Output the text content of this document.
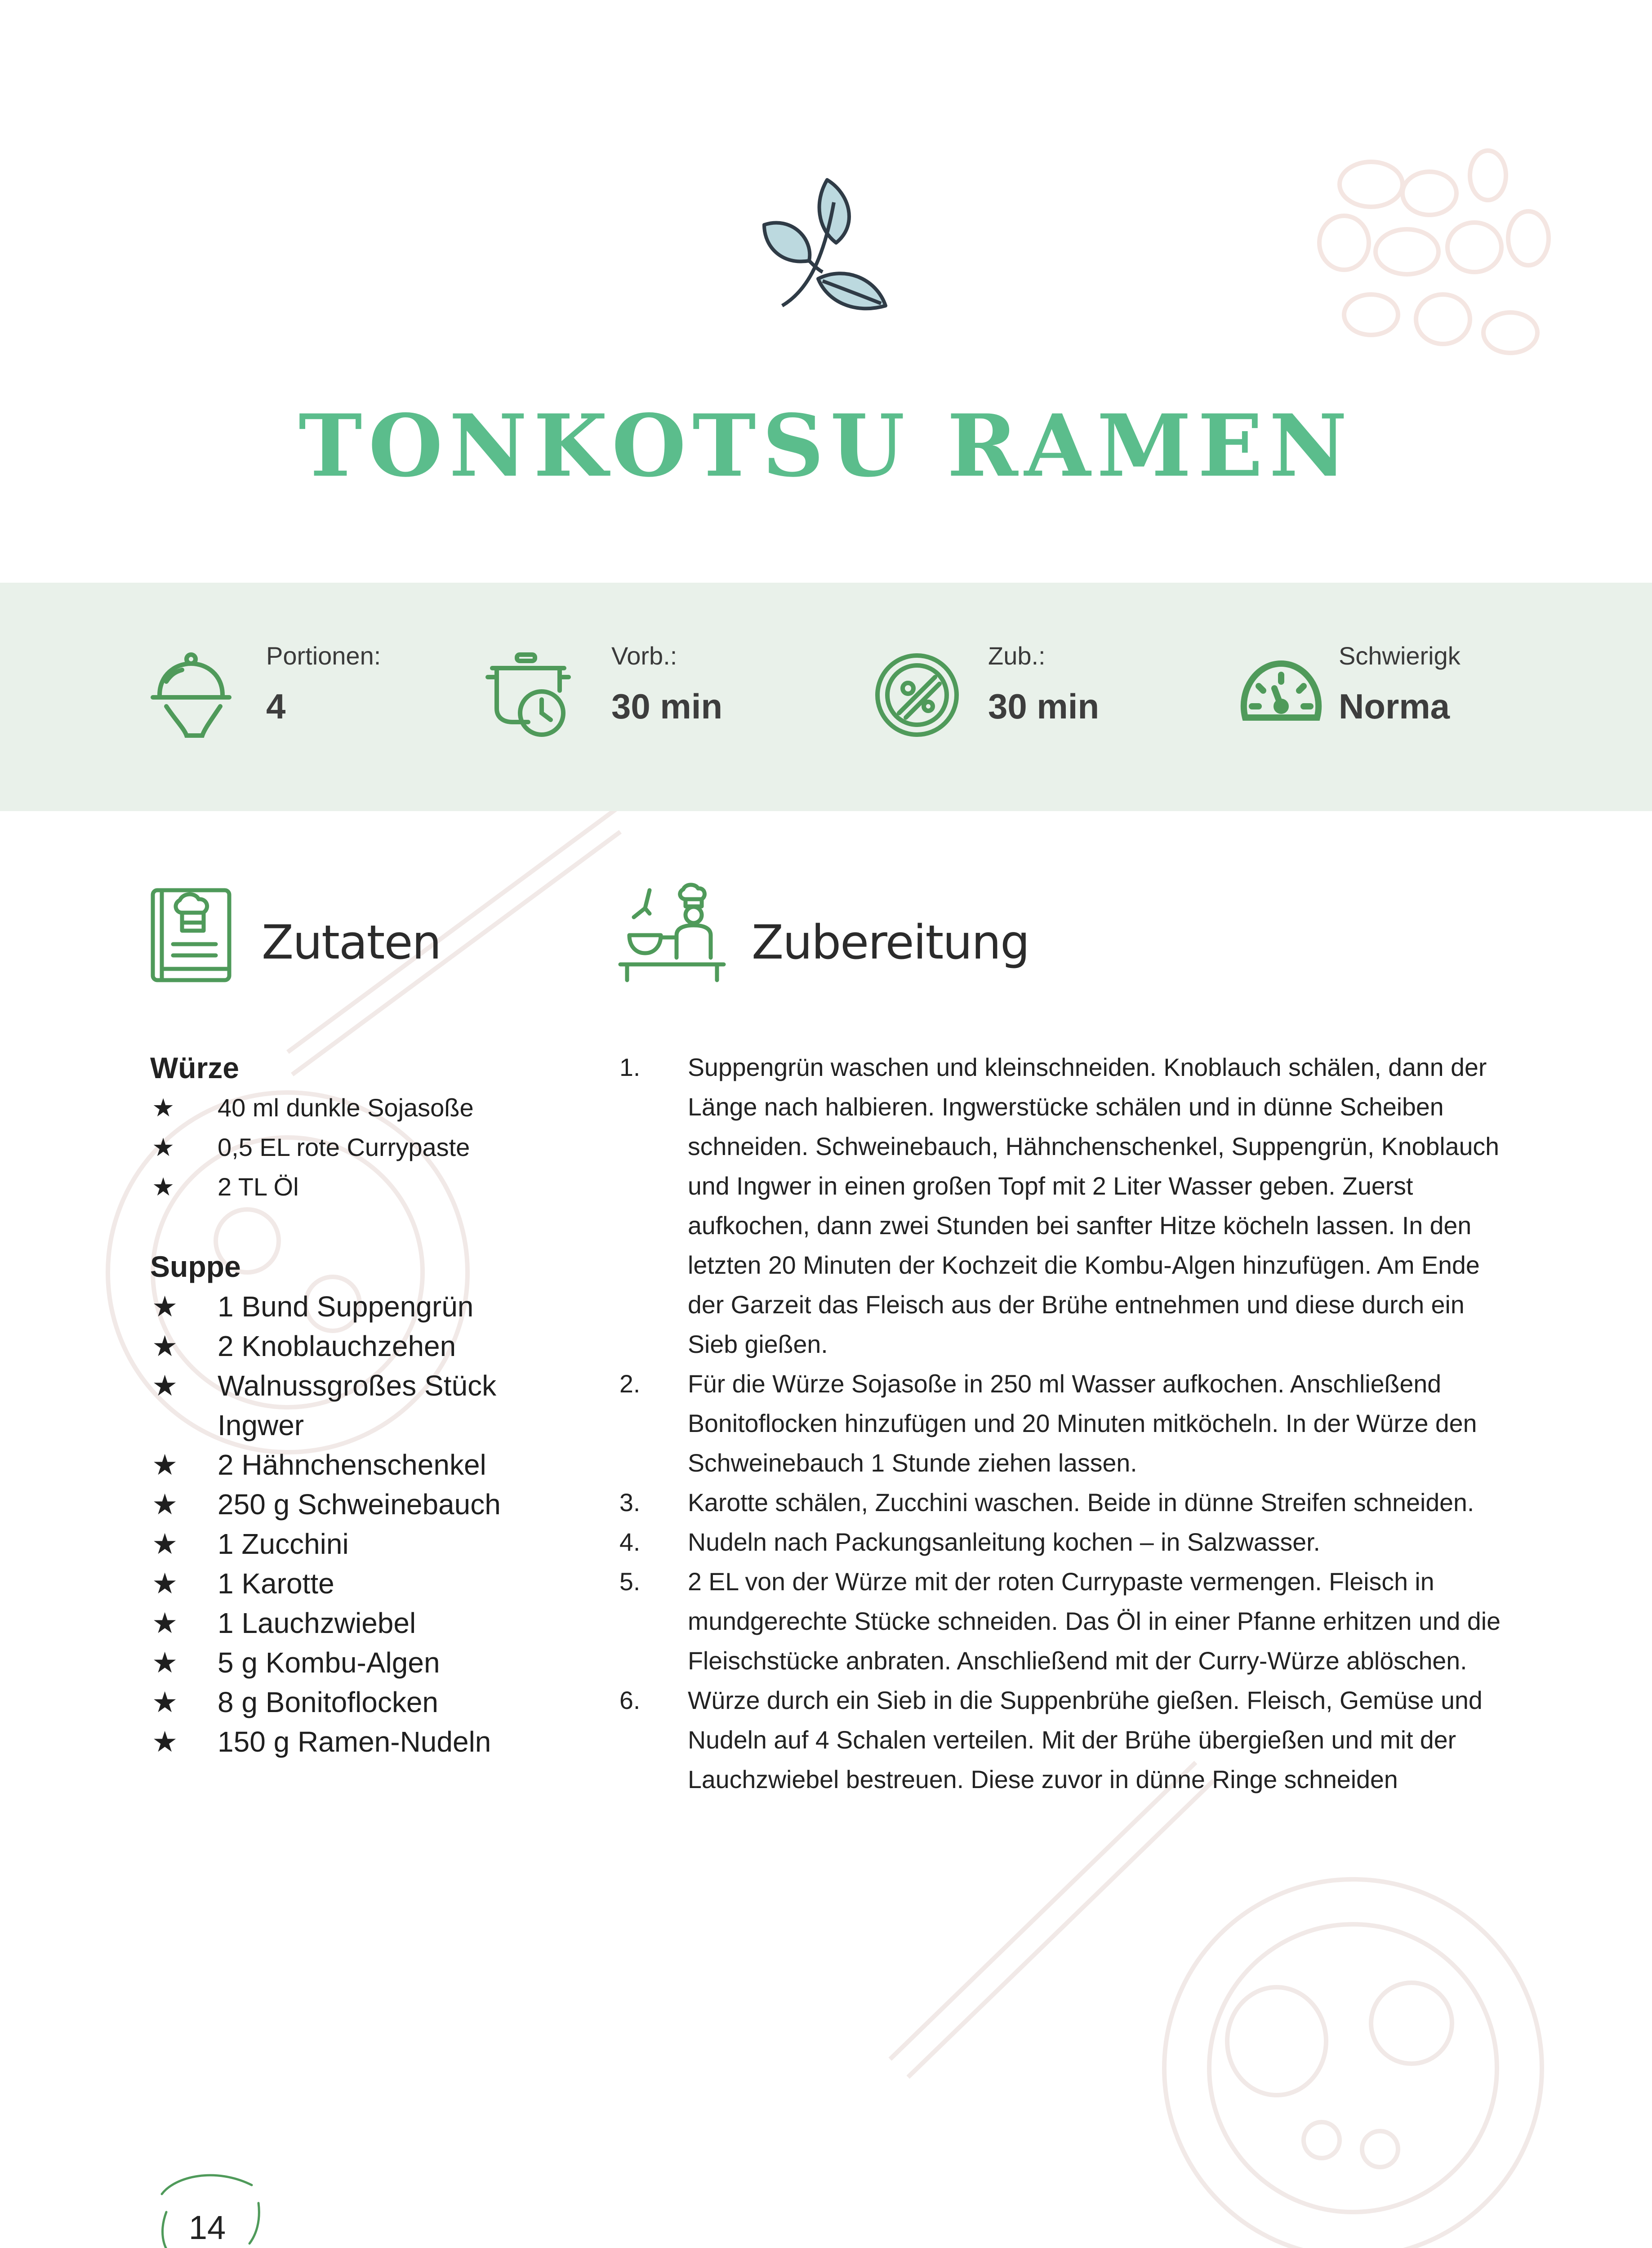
TONKOTSU RAMEN
Portionen:
4
Vorb.:
30 min
Zub.:
30 min
Schwierigk
Norma
Zutaten	Zubereitung

Würze

★ 40 ml dunkle Sojasoße
★ 0,5 EL rote Currypaste
★ 2 TL Öl

Suppe

★ 1 Bund Suppengrün
★ 2 Knoblauchzehen
★ Walnussgroßes Stück Ingwer
★ 2 Hähnchenschenkel
★ 250 g Schweinebauch
★ 1 Zucchini
★ 1 Karotte
★ 1 Lauchzwiebel
★ 5 g Kombu-Algen
★ 8 g Bonitoflocken
★ 150 g Ramen-Nudeln
1. Suppengrün waschen und kleinschneiden. Knoblauch schälen, dann der Länge nach halbieren. Ingwerstücke schälen und in dünne Scheiben schneiden. Schweinebauch, Hähnchenschenkel, Suppengrün, Knoblauch und Ingwer in einen großen Topf mit 2 Liter Wasser geben. Zuerst aufkochen, dann zwei Stunden bei sanfter Hitze köcheln lassen. In den letzten 20 Minuten der Kochzeit die Kombu-Algen hinzufügen. Am Ende der Garzeit das Fleisch aus der Brühe entnehmen und diese durch ein Sieb gießen.
2. Für die Würze Sojasoße in 250 ml Wasser aufkochen. Anschließend Bonitoflocken hinzufügen und 20 Minuten mitköcheln. In der Würze den Schweinebauch 1 Stunde ziehen lassen.
3. Karotte schälen, Zucchini waschen. Beide in dünne Streifen schneiden.
4. Nudeln nach Packungsanleitung kochen – in Salzwasser.
5. 2 EL von der Würze mit der roten Currypaste vermengen. Fleisch in mundgerechte Stücke schneiden. Das Öl in einer Pfanne erhitzen und die Fleischstücke anbraten. Anschließend mit der Curry-Würze ablöschen.
6. Würze durch ein Sieb in die Suppenbrühe gießen. Fleisch, Gemüse und Nudeln auf 4 Schalen verteilen. Mit der Brühe übergießen und mit der Lauchzwiebel bestreuen. Diese zuvor in dünne Ringe schneiden
14
